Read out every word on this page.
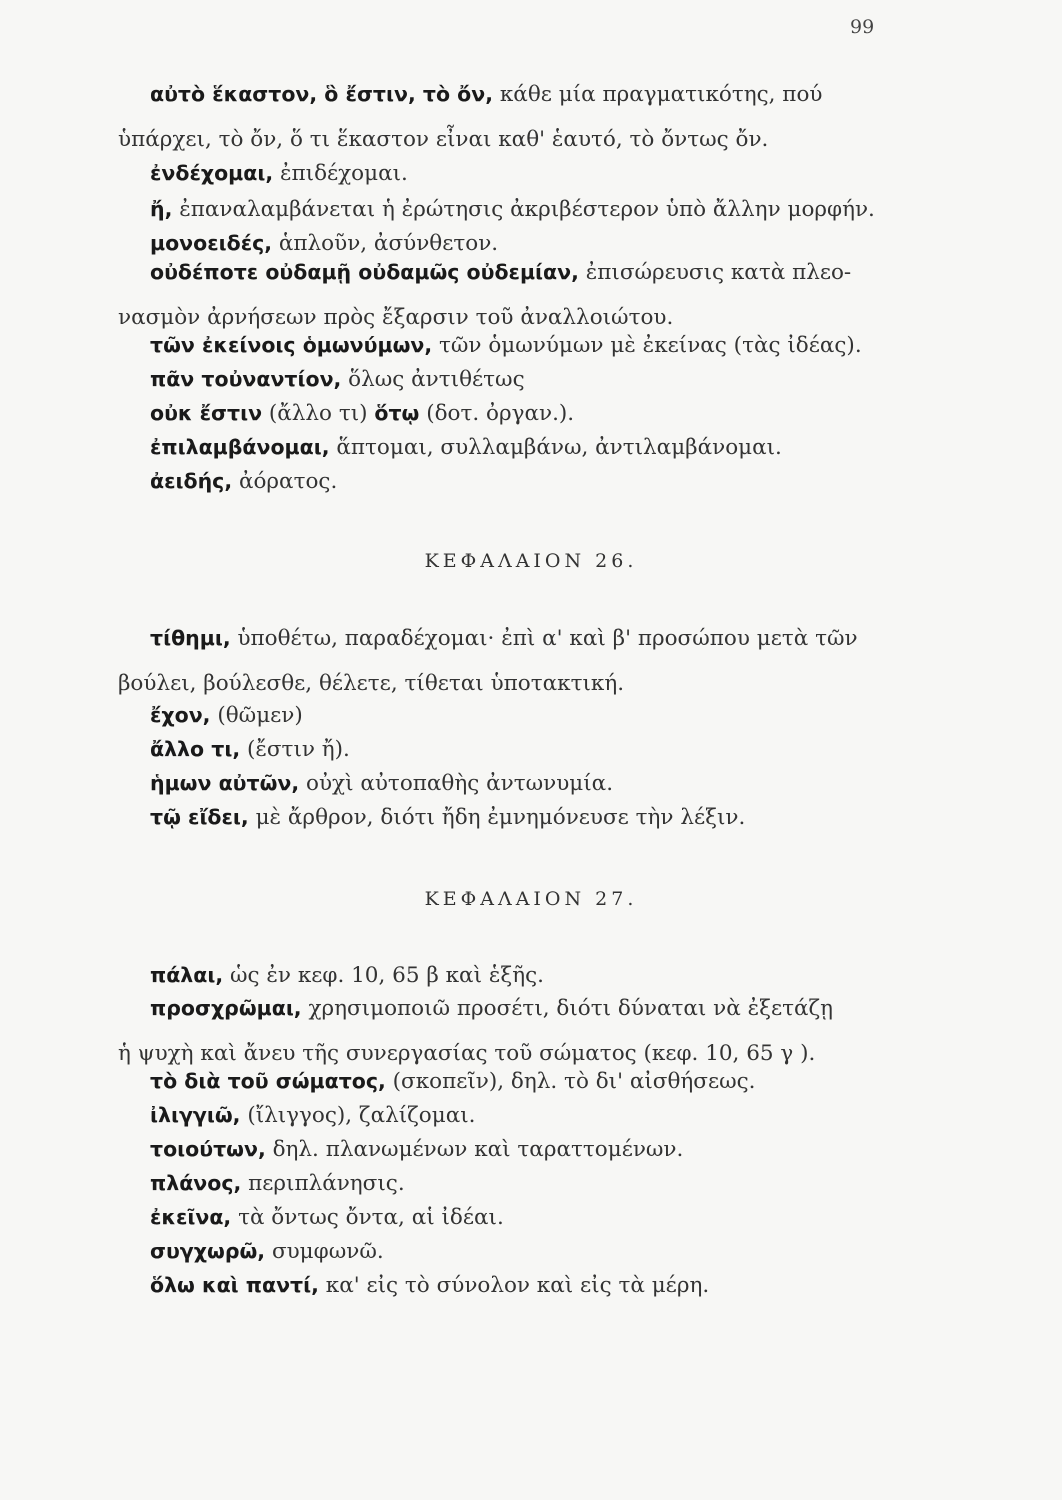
99
αὐτὸ ἕκαστον, ὃ ἔστιν, τὸ ὄν, κάθε μία πραγματικότης, πού
ὑπάρχει, τὸ ὄν, ὅ τι ἕκαστον εἶναι καθ' ἑαυτό, τὸ ὄντως ὄν.
ἐνδέχομαι, ἐπιδέχομαι.
ἤ, ἐπαναλαμβάνεται ἡ ἐρώτησις ἀκριβέστερον ὑπὸ ἄλλην μορφήν.
μονοειδές, ἁπλοῦν, ἀσύνθετον.
οὐδέποτε οὐδαμῇ οὐδαμῶς οὐδεμίαν, ἐπισώρευσις κατὰ πλεο-
νασμὸν ἀρνήσεων πρὸς ἔξαρσιν τοῦ ἀναλλοιώτου.
τῶν ἐκείνοις ὁμωνύμων, τῶν ὁμωνύμων μὲ ἐκείνας (τὰς ἰδέας).
πᾶν τοὐναντίον, ὅλως ἀντιθέτως
οὐκ ἔστιν (ἄλλο τι) ὅτῳ (δοτ. ὀργαν.).
ἐπιλαμβάνομαι, ἅπτομαι, συλλαμβάνω, ἀντιλαμβάνομαι.
ἀειδής, ἀόρατος.
ΚΕΦΑΛΑΙΟΝ 26.
τίθημι, ὑποθέτω, παραδέχομαι· ἐπὶ α' καὶ β' προσώπου μετὰ τῶν
βούλει, βούλεσθε, θέλετε, τίθεται ὑποτακτική.
ἔχον, (θῶμεν)
ἄλλο τι, (ἔστιν ἤ).
ἡμων αὐτῶν, οὐχὶ αὐτοπαθὴς ἀντωνυμία.
τῷ εἴδει, μὲ ἄρθρον, διότι ἤδη ἐμνημόνευσε τὴν λέξιν.
ΚΕΦΑΛΑΙΟΝ 27.
πάλαι, ὡς ἐν κεφ. 10, 65 β καὶ ἑξῆς.
προσχρῶμαι, χρησιμοποιῶ προσέτι, διότι δύναται νὰ ἐξετάζῃ
ἡ ψυχὴ καὶ ἄνευ τῆς συνεργασίας τοῦ σώματος (κεφ. 10, 65 γ ).
τὸ διὰ τοῦ σώματος, (σκοπεῖν), δηλ. τὸ δι' αἰσθήσεως.
ἰλιγγιῶ, (ἴλιγγος), ζαλίζομαι.
τοιούτων, δηλ. πλανωμένων καὶ ταραττομένων.
πλάνος, περιπλάνησις.
ἐκεῖνα, τὰ ὄντως ὄντα, αἱ ἰδέαι.
συγχωρῶ, συμφωνῶ.
ὅλω καὶ παντί, κα' εἰς τὸ σύνολον καὶ εἰς τὰ μέρη.
